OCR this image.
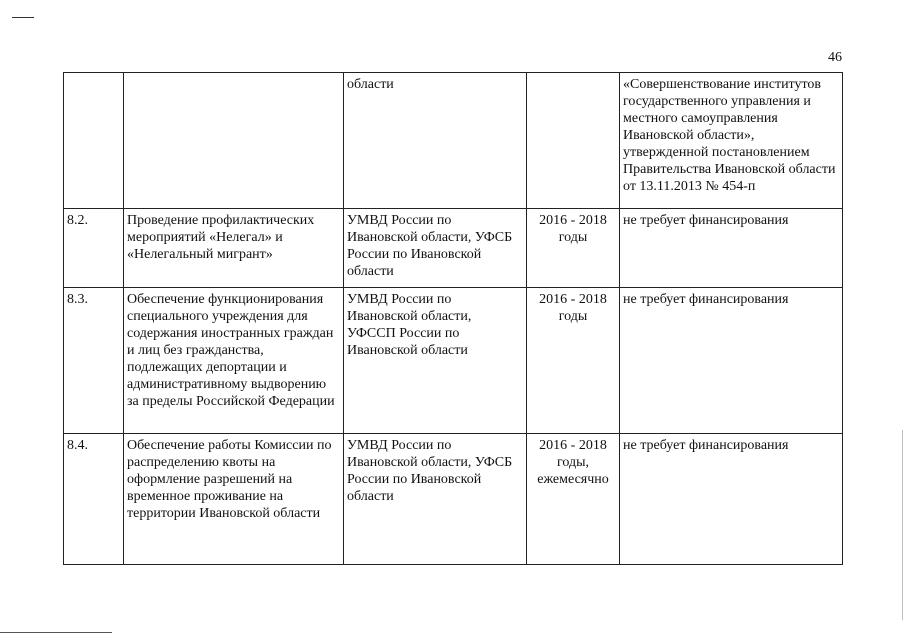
46
		области		«Совершенствование институтов государственного управления и местного самоуправления Ивановской области», утвержденной постановлением Правительства Ивановской области от 13.11.2013 № 454-п
8.2.	Проведение профилактических мероприятий «Нелегал» и «Нелегальный мигрант»	УМВД России по Ивановской области, УФСБ России по Ивановской области	2016 - 2018 годы	не требует финансирования
8.3.	Обеспечение функционирования специального учреждения для содержания иностранных граждан и лиц без гражданства, подлежащих депортации и административному выдворению за пределы Российской Федерации	УМВД России по Ивановской области, УФССП России по Ивановской области	2016 - 2018 годы	не требует финансирования
8.4.	Обеспечение работы Комиссии по распределению квоты на оформление разрешений на временное проживание на территории Ивановской области	УМВД России по Ивановской области, УФСБ России по Ивановской области	2016 - 2018 годы, ежемесячно	не требует финансирования
